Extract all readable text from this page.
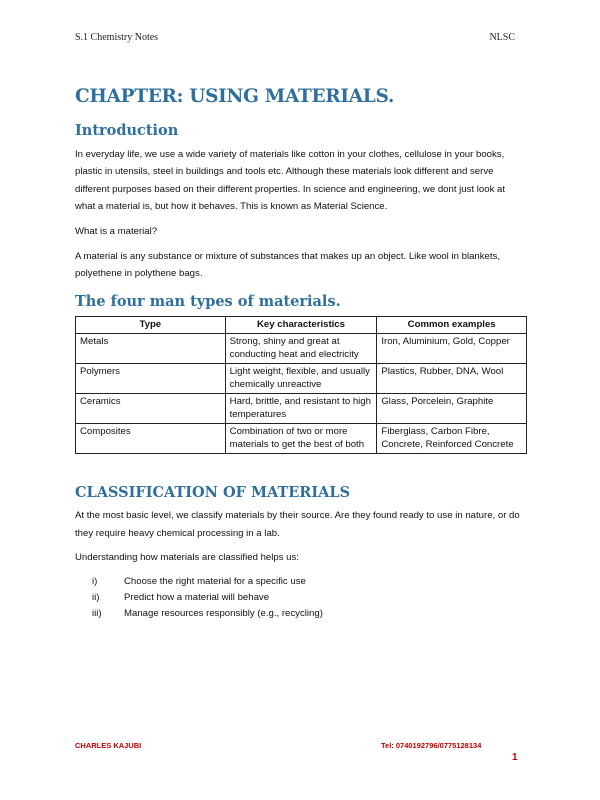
S.1 Chemistry Notes	NLSC
CHAPTER: USING MATERIALS.
Introduction

In everyday life, we use a wide variety of materials like cotton in your clothes, cellulose in your books, plastic in utensils, steel in buildings and tools etc. Although these materials look different and serve different purposes based on their different properties. In science and engineering, we dont just look at what a material is, but how it behaves. This is known as Material Science.

What is a material?

A material is any substance or mixture of substances that makes up an object. Like wool in blankets, polyethene in polythene bags.

The four man types of materials.
Type	Key characteristics	Common examples
Metals	Strong, shiny and great at conducting heat and electricity	Iron, Aluminium, Gold, Copper
Polymers	Light weight, flexible, and usually chemically unreactive	Plastics, Rubber, DNA, Wool
Ceramics	Hard, brittle, and resistant to high temperatures	Glass, Porcelein, Graphite
Composites	Combination of two or more materials to get the best of both	Fiberglass, Carbon Fibre, Concrete, Reinforced Concrete
CLASSIFICATION OF MATERIALS

At the most basic level, we classify materials by their source. Are they found ready to use in nature, or do they require heavy chemical processing in a lab.

Understanding how materials are classified helps us:

i)	Choose the right material for a specific use
ii)	Predict how a material will behave
iii) Manage resources responsibly (e.g., recycling)
CHARLES KAJUBI	Tel: 0740192796/0775128134
1
